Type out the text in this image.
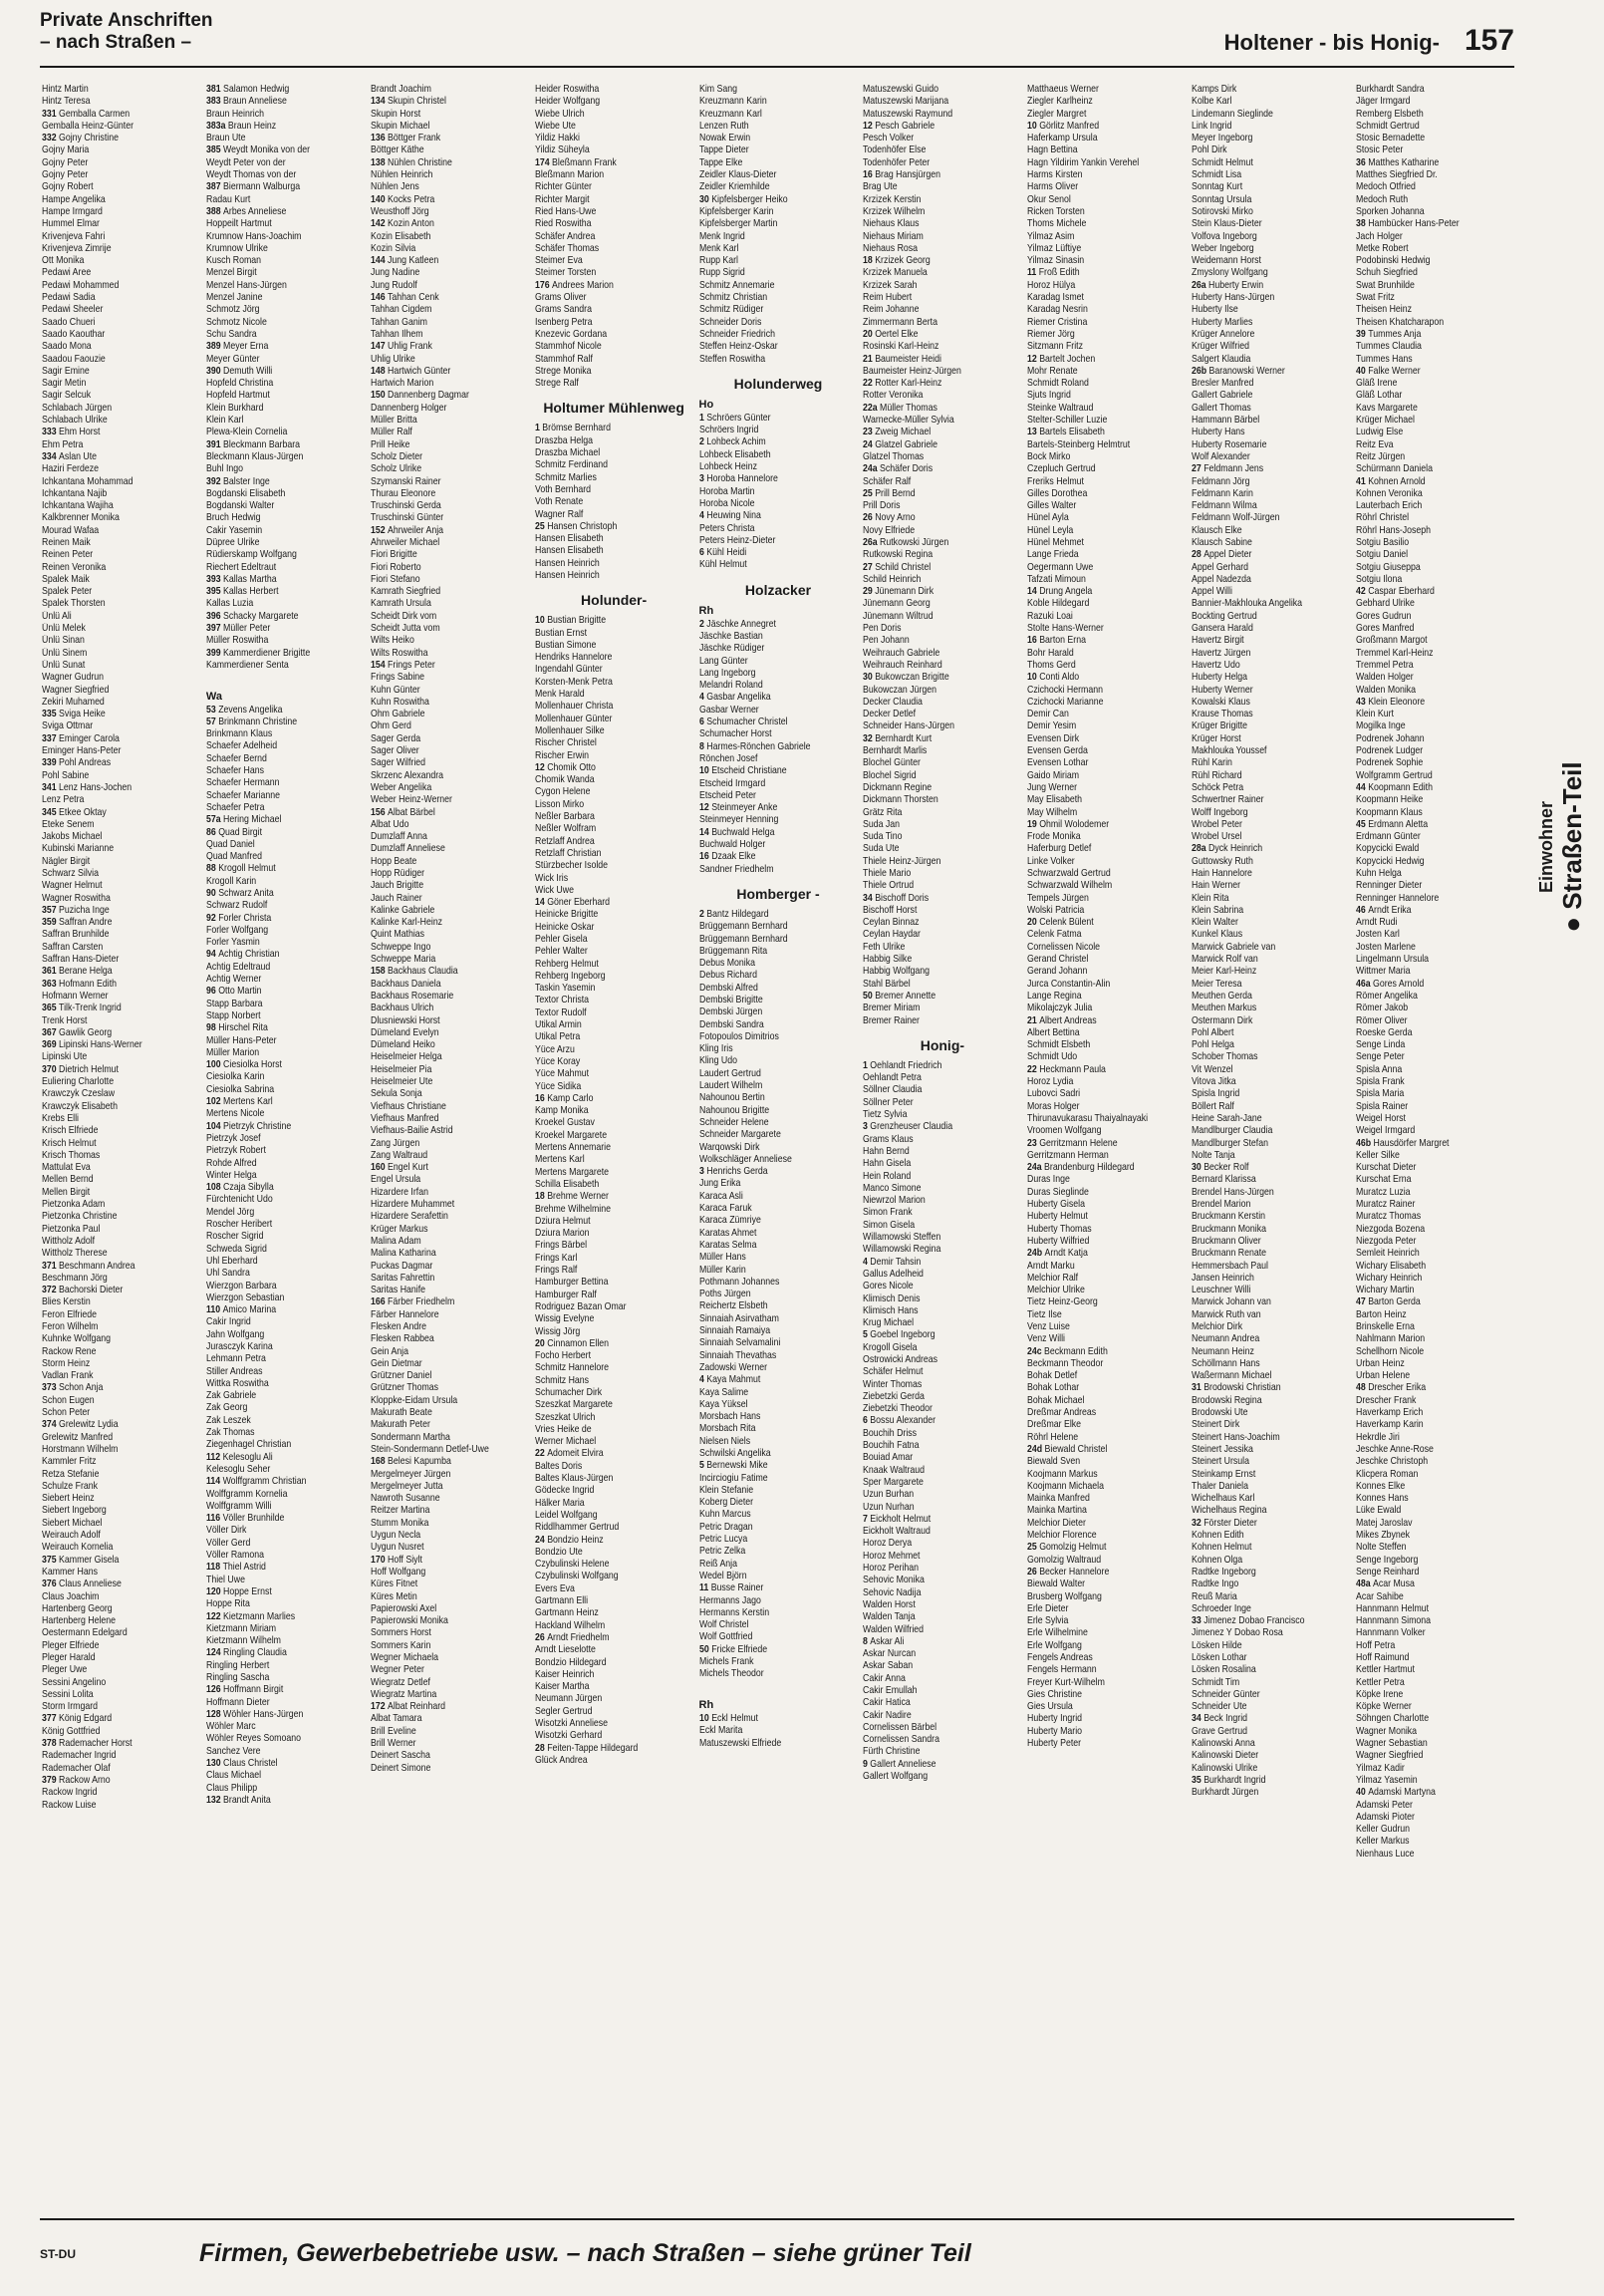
Private Anschriften
– nach Straßen –	Holtener - bis Honig- 157
Hintz Martin
Hintz Teresa
331 Gemballa Carmen
Gemballa Heinz-Günter
332 Gojny Christine
Gojny Maria
Gojny Peter
Gojny Peter
Gojny Robert
Hampe Angelika
Hampe Irmgard
Hummel Elmar
Krivenjeva Fahri
Krivenjeva Zimrije
Ott Monika
Pedawi Aree
Pedawi Mohammed
Pedawi Sadia
Pedawi Sheeler
Saado Chueri
Saado Kaouthar
Saado Mona
Saadou Faouzie
Sagir Emine
Sagir Metin
Sagir Selcuk
Schlabach Jürgen
Schlabach Ulrike
333 Ehm Horst
Ehm Petra
334 Aslan Ute
Haziri Ferdeze
Ichkantana Mohammad
Ichkantana Najib
Ichkantana Wajiha
Kalkbrenner Monika
Mourad Wafaa
Reinen Maik
Reinen Peter
Reinen Veronika
Spalek Maik
Spalek Peter
Spalek Thorsten
Ünlü Ali
Ünlü Melek
Ünlü Sinan
Ünlü Sinem
Ünlü Sunat
Wagner Gudrun
Wagner Siegfried
Zekiri Muhamed
335 Sviga Heike
Sviga Ottmar
337 Eminger Carola
Eminger Hans-Peter
339 Pohl Andreas
Pohl Sabine
341 Lenz Hans-Jochen
Lenz Petra
345 Etkee Oktay
Eteke Senem
Jakobs Michael
Kubinski Marianne
Nägler Birgit
Schwarz Silvia
Wagner Helmut
Wagner Roswitha
357 Puzicha Inge
359 Saffran Andre
Saffran Brunhilde
Saffran Carsten
Saffran Hans-Dieter
361 Berane Helga
363 Hofmann Edith
Hofmann Werner
365 Tilk-Trenk Ingrid
Trenk Horst
367 Gawlik Georg
369 Lipinski Hans-Werner
Lipinski Ute
370 Dietrich Helmut
Euliering Charlotte
Krawczyk Czeslaw
Krawczyk Elisabeth
Krebs Elli
Krisch Elfriede
Krisch Helmut
Krisch Thomas
Mattulat Eva
Mellen Bernd
Mellen Birgit
Pietzonka Adam
Pietzonka Christine
Pietzonka Paul
Wittholz Adolf
Wittholz Therese
371 Beschmann Andrea
Beschmann Jörg
372 Bachorski Dieter
Blies Kerstin
Feron Elfriede
Feron Wilhelm
Kuhnke Wolfgang
Rackow Rene
Storm Heinz
Vadlan Frank
373 Schon Anja
Schon Eugen
Schon Peter
374 Grelewitz Lydia
Grelewitz Manfred
Horstmann Wilhelm
Kammler Fritz
Retza Stefanie
Schulze Frank
Siebert Heinz
Siebert Ingeborg
Siebert Michael
Weirauch Adolf
Weirauch Kornelia
375 Kammer Gisela
Kammer Hans
376 Claus Anneliese
Claus Joachim
Hartenberg Georg
Hartenberg Helene
Oestermann Edelgard
Pleger Elfriede
Pleger Harald
Pleger Uwe
Sessini Angelino
Sessini Lolita
Storm Irmgard
377 König Edgard
König Gottfried
378 Rademacher Horst
Rademacher Ingrid
Rademacher Olaf
379 Rackow Arno
Rackow Ingrid
Rackow Luise
381 Salamon Hedwig
383 Braun Anneliese
Braun Heinrich
383a Braun Heinz
Braun Ute
385 Weydt Monika von der
Weydt Peter von der
Weydt Thomas von der
387 Biermann Walburga
Radau Kurt
388 Arbes Anneliese
Hoppeilt Hartmut
Krumnow Hans-Joachim
Krumnow Ulrike
Kusch Roman
Menzel Birgit
Menzel Hans-Jürgen
Menzel Janine
Schmotz Jörg
Schmotz Nicole
Schu Sandra
389 Meyer Erna
Meyer Günter
390 Demuth Willi
Hopfeld Christina
Hopfeld Hartmut
Klein Burkhard
Klein Karl
Plewa-Klein Cornelia
391 Bleckmann Barbara
Bleckmann Klaus-Jürgen
Buhl Ingo
392 Balster Inge
Bogdanski Elisabeth
Bogdanski Walter
Bruch Hedwig
Cakir Yasemin
Düpree Ulrike
Rüdierskamp Wolfgang
Riechert Edeltraut
393 Kallas Martha
395 Kallas Herbert
Kallas Luzia
396 Schacky Margarete
397 Müller Peter
Müller Roswitha
399 Kammerdiener Brigitte
Kammerdiener Senta

Wa
53 Zevens Angelika
57 Brinkmann Christine
Brinkmann Klaus
Schaefer Adelheid
Schaefer Bernd
Schaefer Hans
Schaefer Hermann
Schaefer Marianne
Schaefer Petra
57a Hering Michael
86 Quad Birgit
Quad Daniel
Quad Manfred
88 Krogoll Helmut
Krogoll Karin
90 Schwarz Anita
Schwarz Rudolf
92 Forler Christa
Forler Wolfgang
Forler Yasmin
94 Achtig Christian
Achtig Edeltraud
Achtig Werner
96 Otto Martin
Stapp Barbara
Stapp Norbert
98 Hirschel Rita
Müller Hans-Peter
Müller Marion
100 Ciesiolka Horst
Ciesiolka Karin
Ciesiolka Sabrina
102 Mertens Karl
Mertens Nicole
104 Pietrzyk Christine
Pietrzyk Josef
Pietrzyk Robert
Rohde Alfred
Winter Helga
108 Czaja Sibylla
Fürchtenicht Udo
Mendel Jörg
Roscher Heribert
Roscher Sigrid
Schweda Sigrid
Uhl Eberhard
Uhl Sandra
Wierzgon Barbara
Wierzgon Sebastian
110 Amico Marina
Cakir Ingrid
Jahn Wolfgang
Jurasczyk Karina
Lehmann Petra
Stiller Andreas
Wittka Roswitha
Zak Gabriele
Zak Georg
Zak Leszek
Zak Thomas
Ziegenhagel Christian
112 Kelesoglu Ali
Kelesoglu Seher
114 Wolffgramm Christian
Wolffgramm Kornelia
Wolffgramm Willi
116 Völler Brunhilde
Völler Dirk
Völler Gerd
Völler Ramona
118 Thiel Astrid
Thiel Uwe
120 Hoppe Ernst
Hoppe Rita
122 Kietzmann Marlies
Kietzmann Miriam
Kietzmann Wilhelm
124 Ringling Claudia
Ringling Herbert
Ringling Sascha
126 Hoffmann Birgit
Hoffmann Dieter
128 Wöhler Hans-Jürgen
Wöhler Marc
Wöhler Reyes Somoano
Sanchez Vere
130 Claus Christel
Claus Michael
Claus Philipp
132 Brandt Anita
Brandt Joachim
134 Skupin Christel
Skupin Horst
Skupin Michael
136 Böttger Frank
Böttger Käthe
138 Nühlen Christine
Nühlen Heinrich
Nühlen Jens
140 Kocks Petra
Weusthoff Jörg
142 Kozin Anton
Kozin Elisabeth
Kozin Silvia
144 Jung Katleen
Jung Nadine
Jung Rudolf
146 Tahhan Cenk
Tahhan Cigdem
Tahhan Ganim
Tahhan Ilhem
147 Uhlig Frank
Uhlig Ulrike
148 Hartwich Günter
Hartwich Marion
150 Dannenberg Dagmar
Dannenberg Holger
Müller Britta
Müller Ralf
Prill Heike
Scholz Dieter
Scholz Ulrike
Szymanski Rainer
Thurau Eleonore
Truschinski Gerda
Truschinski Günter
152 Ahrweiler Anja
Ahrweiler Michael
Fiori Brigitte
Fiori Roberto
Fiori Stefano
Kamrath Siegfried
Kamrath Ursula
Scheidt Dirk vom
Scheidt Jutta vom
Wilts Heiko
Wilts Roswitha
154 Frings Peter
Frings Sabine
Kuhn Günter
Kuhn Roswitha
Ohm Gabriele
Ohm Gerd
Sager Gerda
Sager Oliver
Sager Wilfried
Skrzenc Alexandra
Weber Angelika
Weber Heinz-Werner
156 Albat Bärbel
Albat Udo
Dumzlaff Anna
Dumzlaff Anneliese
Hopp Beate
Hopp Rüdiger
Jauch Brigitte
Jauch Rainer
Kalinke Gabriele
Kalinke Karl-Heinz
Quint Mathias
Schweppe Ingo
Schweppe Maria
158 Backhaus Claudia
Backhaus Daniela
Backhaus Rosemarie
Backhaus Ulrich
Dlusniewski Horst
Dümeland Evelyn
Dümeland Heiko
Heiselmeier Helga
Heiselmeier Pia
Heiselmeier Ute
Sekula Sonja
Viefhaus Christiane
Viefhaus Manfred
Viefhaus-Bailie Astrid
Zang Jürgen
Zang Waltraud
160 Engel Kurt
Engel Ursula
Hizardere Irfan
Hizardere Muhammet
Hizardere Serafettin
Krüger Markus
Malina Adam
Malina Katharina
Puckas Dagmar
Saritas Fahrettin
Saritas Hanife
166 Färber Friedhelm
Färber Hannelore
Flesken Andre
Flesken Rabbea
Gein Anja
Gein Dietmar
Grützner Daniel
Grützner Thomas
Kloppke-Eidam Ursula
Makurath Beate
Makurath Peter
Sondermann Martha
Stein-Sondermann Detlef-Uwe
168 Belesi Kapumba
Mergelmeyer Jürgen
Mergelmeyer Jutta
Nawroth Susanne
Reitzer Martina
Stumm Monika
Uygun Necla
Uygun Nusret
170 Hoff Siylt
Hoff Wolfgang
Küres Fitnet
Küres Metin
Papierowski Axel
Papierowski Monika
Sommers Horst
Sommers Karin
Wegner Michaela
Wegner Peter
Wiegratz Detlef
Wiegratz Martina
172 Albat Reinhard
Albat Tamara
Brill Eveline
Brill Werner
Deinert Sascha
Deinert Simone
Heider Roswitha
Heider Wolfgang
Wiebe Ulrich
Wiebe Ute
Yildiz Hakki
Yildiz Süheyla
174 Bleßmann Frank
Bleßmann Marion
Richter Günter
Richter Margit
Ried Hans-Uwe
Ried Roswitha
Schäfer Andrea
Schäfer Thomas
Steimer Eva
Steimer Torsten
176 Andrees Marion
Grams Oliver
Grams Sandra
Isenberg Petra
Knezevic Gordana
Stammhof Nicole
Stammhof Ralf
Strege Monika
Strege Ralf
Holtumer Mühlenweg
1 Brömse Bernhard
Draszba Helga
Draszba Michael
Schmitz Ferdinand
Schmitz Marlies
Voth Bernhard
Voth Renate
Wagner Ralf
25 Hansen Christoph
Hansen Elisabeth
Hansen Elisabeth
Hansen Heinrich
Hansen Heinrich
Holunder-
10 Bustian Brigitte
Bustian Ernst
Bustian Simone
Hendriks Hannelore
Ingendahl Günter
Korsten-Menk Petra
Menk Harald
Mollenhauer Christa
Mollenhauer Günter
Mollenhauer Silke
Rischer Christel
Rischer Erwin
12 Chomik Otto
Chomik Wanda
Cygon Helene
Lisson Mirko
Neßler Barbara
Neßler Wolfram
Retzlaff Andrea
Retzlaff Christian
Stürzbecher Isolde
Wick Iris
Wick Uwe
14 Göner Eberhard
Heinicke Brigitte
Heinicke Oskar
Pehler Gisela
Pehler Walter
Rehberg Helmut
Rehberg Ingeborg
Taskin Yasemin
Textor Christa
Textor Rudolf
Utikal Armin
Utikal Petra
Yüce Arzu
Yüce Koray
Yüce Mahmut
Yüce Sidika
16 Kamp Carlo
Kamp Monika
Kroekel Gustav
Kroekel Margarete
Mertens Annemarie
Mertens Karl
Mertens Margarete
Schilla Elisabeth
18 Brehme Werner
Brehme Wilhelmine
Dziura Helmut
Dziura Marion
Frings Bärbel
Frings Karl
Frings Ralf
Hamburger Bettina
Hamburger Ralf
Rodriguez Bazan Omar
Wissig Evelyne
Wissig Jörg
20 Cinnamon Ellen
Focho Herbert
Schmitz Hannelore
Schmitz Hans
Schumacher Dirk
Szeszkat Margarete
Szeszkat Ulrich
Vries Heike de
Werner Michael
22 Adomeit Elvira
Baltes Doris
Baltes Klaus-Jürgen
Gödecke Ingrid
Hälker Maria
Leidel Wolfgang
Riddlhammer Gertrud
24 Bondzio Heinz
Bondzio Ute
Czybulinski Helene
Czybulinski Wolfgang
Evers Eva
Gartmann Elli
Gartmann Heinz
Hackland Wilhelm
26 Arndt Friedhelm
Arndt Lieselotte
Bondzio Hildegard
Kaiser Heinrich
Kaiser Martha
Neumann Jürgen
Segler Gertrud
Wisotzki Anneliese
Wisotzki Gerhard
28 Feiten-Tappe Hildegard
Glück Andrea
Kim Sang
Kreuzmann Karin
Kreuzmann Karl
Lenzen Ruth
Nowak Erwin
Tappe Dieter
Tappe Elke
Zeidler Klaus-Dieter
Zeidler Kriemhilde
30 Kipfelsberger Heiko
Kipfelsberger Karin
Kipfelsberger Martin
Menk Ingrid
Menk Karl
Rupp Karl
Rupp Sigrid
Schmitz Annemarie
Schmitz Christian
Schmitz Rüdiger
Schneider Doris
Schneider Friedrich
Steffen Heinz-Oskar
Steffen Roswitha
Holunderweg
Ho
1 Schröers Günter
Schröers Ingrid
2 Lohbeck Achim
Lohbeck Elisabeth
Lohbeck Heinz
3 Horoba Hannelore
Horoba Martin
Horoba Nicole
4 Heuwing Nina
Peters Christa
Peters Heinz-Dieter
6 Kühl Heidi
Kühl Helmut
Holzacker
Rh
2 Jäschke Annegret
Jäschke Bastian
Jäschke Rüdiger
Lang Günter
Lang Ingeborg
Melandri Roland
4 Gasbar Angelika
Gasbar Werner
6 Schumacher Christel
Schumacher Horst
8 Harmes-Rönchen Gabriele
Rönchen Josef
10 Etscheid Christiane
Etscheid Irmgard
Etscheid Peter
12 Steinmeyer Anke
Steinmeyer Henning
14 Buchwald Helga
Buchwald Holger
16 Dzaak Elke
Sandner Friedhelm
Homberger -
2 Bantz Hildegard
Brüggemann Bernhard
Brüggemann Bernhard
Brüggemann Rita
Debus Monika
Debus Richard
Dembski Alfred
Dembski Brigitte
Dembski Jürgen
Dembski Sandra
Fotopoulos Dimitrios
Kling Iris
Kling Udo
Laudert Gertrud
Laudert Wilhelm
Nahounou Bertin
Nahounou Brigitte
Schneider Helene
Schneider Margarete
Warqowski Dirk
Wolkschläger Anneliese
3 Henrichs Gerda
Jung Erika
Karaca Asli
Karaca Faruk
Karaca Zümriye
Karatas Ahmet
Karatas Selma
Müller Hans
Müller Karin
Pothmann Johannes
Poths Jürgen
Reichertz Elsbeth
Sinnaiah Asirvatham
Sinnaiah Ramaiya
Sinnaiah Selvamalini
Sinnaiah Thevathas
Zadowski Werner
4 Kaya Mahmut
Kaya Salime
Kaya Yüksel
Morsbach Hans
Morsbach Rita
Nielsen Niels
Schwilski Angelika
5 Bernewski Mike
Incirciogiu Fatime
Klein Stefanie
Koberg Dieter
Kuhn Marcus
Petric Dragan
Petric Lucya
Petric Zelka
Reiß Anja
Wedel Björn
11 Busse Rainer
Hermanns Jago
Hermanns Kerstin
Wolf Christel
Wolf Gottfried
50 Fricke Elfriede
Michels Frank
Michels Theodor

Rh
10 Eckl Helmut
Eckl Marita
Matuszewski Elfriede
Matuszewski Guido
Matuszewski Marijana
Matuszewski Raymund
12 Pesch Gabriele
Pesch Volker
Todenhöfer Else
Todenhöfer Peter
16 Brag Hansjürgen
Brag Ute
Krzizek Kerstin
Krzizek Wilhelm
Niehaus Klaus
Niehaus Miriam
Niehaus Rosa
18 Krzizek Georg
Krzizek Manuela
Krzizek Sarah
Reim Hubert
Reim Johanne
Zimmermann Berta
20 Oertel Elke
Rosinski Karl-Heinz
21 Baumeister Heidi
Baumeister Heinz-Jürgen
22 Rotter Karl-Heinz
Rotter Veronika
22a Müller Thomas
Warnecke-Müller Sylvia
23 Zweig Michael
24 Glatzel Gabriele
Glatzel Thomas
24a Schäfer Doris
Schäfer Ralf
25 Prill Bernd
Prill Doris
26 Novy Arno
Novy Elfriede
26a Rutkowski Jürgen
Rutkowski Regina
27 Schild Christel
Schild Heinrich
29 Jünemann Dirk
Jünemann Georg
Jünemann Wiltrud
Pen Doris
Pen Johann
Weihrauch Gabriele
Weihrauch Reinhard
30 Bukowczan Brigitte
Bukowczan Jürgen
Decker Claudia
Decker Detlef
Schneider Hans-Jürgen
32 Bernhardt Kurt
Bernhardt Marlis
Blochel Günter
Blochel Sigrid
Dickmann Regine
Dickmann Thorsten
Grätz Rita
Suda Jan
Suda Tino
Suda Ute
Thiele Heinz-Jürgen
Thiele Mario
Thiele Ortrud
34 Bischoff Doris
Bischoff Horst
Ceylan Binnaz
Ceylan Haydar
Feth Ulrike
Habbig Silke
Habbig Wolfgang
Stahl Bärbel
50 Bremer Annette
Bremer Miriam
Bremer Rainer
Honig-
1 Oehlandt Friedrich
Oehlandt Petra
Söllner Claudia
Söllner Peter
Tietz Sylvia
3 Grenzheuser Claudia
Grams Klaus
Hahn Bernd
Hahn Gisela
Hein Roland
Manco Simone
Niewrzol Marion
Simon Frank
Simon Gisela
Willamowski Steffen
Willamowski Regina
4 Demir Tahsin
Gallus Adelheid
Gores Nicole
Klimisch Denis
Klimisch Hans
Krug Michael
5 Goebel Ingeborg
Krogoll Gisela
Ostrowicki Andreas
Schäfer Helmut
Winter Thomas
Ziebetzki Gerda
Ziebetzki Theodor
6 Bossu Alexander
Bouchih Driss
Bouchih Fatna
Bouiad Amar
Knaak Waltraud
Sper Margarete
Uzun Burhan
Uzun Nurhan
7 Eickholt Helmut
Eickholt Waltraud
Horoz Derya
Horoz Mehmet
Horoz Perihan
Sehovic Monika
Sehovic Nadija
Walden Horst
Walden Tanja
Walden Wilfried
8 Askar Ali
Askar Nurcan
Askar Saban
Cakir Anna
Cakir Emullah
Cakir Hatica
Cakir Nadire
Cornelissen Bärbel
Cornelissen Sandra
Fürth Christine
9 Gallert Anneliese
Gallert Wolfgang
Matthaeus Werner
Ziegler Karlheinz
Ziegler Margret
10 Görlitz Manfred
Haferkamp Ursula
Hagn Bettina
Hagn Yildirim Yankin Verehel
Harms Kirsten
Harms Oliver
Okur Senol
Ricken Torsten
Thoms Michele
Yilmaz Asim
Yilmaz Lüftiye
Yilmaz Sinasin
11 Froß Edith
Horoz Hülya
Karadag Ismet
Karadag Nesrin
Riemer Cristina
Riemer Jörg
Sitzmann Fritz
12 Bartelt Jochen
Mohr Renate
Schmidt Roland
Sjuts Ingrid
Steinke Waltraud
Stelter-Schiller Luzie
13 Bartels Elisabeth
Bartels-Steinberg Helmtrut
Bock Mirko
Czepluch Gertrud
Freriks Helmut
Gilles Dorothea
Gilles Walter
Hünel Ayla
Hünel Leyla
Hünel Mehmet
Lange Frieda
Oegermann Uwe
Tafzati Mimoun
14 Drung Angela
Koble Hildegard
Razuki Loai
Stolte Hans-Werner
16 Barton Erna
Bohr Harald
Thoms Gerd
10 Conti Aldo
Czichocki Hermann
Czichocki Marianne
Demir Can
Demir Yesim
Evensen Dirk
Evensen Gerda
Evensen Lothar
Gaido Miriam
Jung Werner
May Elisabeth
May Wilhelm
19 Ohmil Wolodemer
Frode Monika
Haferburg Detlef
Linke Volker
Schwarzwald Gertrud
Schwarzwald Wilhelm
Tempels Jürgen
Wolski Patricia
20 Celenk Bülent
Celenk Fatma
Cornelissen Nicole
Gerand Christel
Gerand Johann
Jurca Constantin-Alin
Lange Regina
Mikolajczyk Julia
21 Albert Andreas
Albert Bettina
Schmidt Elsbeth
Schmidt Udo
22 Heckmann Paula
Horoz Lydia
Lubovci Sadri
Moras Holger
Thirunavukarasu Thaiyalnayaki
Vroomen Wolfgang
23 Gerritzmann Helene
Gerritzmann Herman
24a Brandenburg Hildegard
Duras Inge
Duras Sieglinde
Huberty Gisela
Huberty Helmut
Huberty Thomas
Huberty Wilfried
24b Arndt Katja
Arndt Marku
Melchior Ralf
Melchior Ulrike
Tietz Heinz-Georg
Tietz Ilse
Venz Luise
Venz Willi
24c Beckmann Edith
Beckmann Theodor
Bohak Detlef
Bohak Lothar
Bohak Michael
Dreßmar Andreas
Dreßmar Elke
Röhrl Helene
24d Biewald Christel
Biewald Sven
Koojmann Markus
Koojmann Michaela
Mainka Manfred
Mainka Martina
Melchior Dieter
Melchior Florence
25 Gomolzig Helmut
Gomolzig Waltraud
26 Becker Hannelore
Biewald Walter
Brusberg Wolfgang
Erle Dieter
Erle Sylvia
Erle Wilhelmine
Erle Wolfgang
Fengels Andreas
Fengels Hermann
Freyer Kurt-Wilhelm
Gies Christine
Gies Ursula
Huberty Ingrid
Huberty Mario
Huberty Peter
Kamps Dirk
Kolbe Karl
Lindemann Sieglinde
Link Ingrid
Meyer Ingeborg
Pohl Dirk
Schmidt Helmut
Schmidt Lisa
Sonntag Kurt
Sonntag Ursula
Sotirovski Mirko
Stein Klaus-Dieter
Volfova Ingeborg
Weber Ingeborg
Weidemann Horst
Zmyslony Wolfgang
26a Huberty Erwin
Huberty Hans-Jürgen
Huberty Ilse
Huberty Marlies
Krüger Annelore
Krüger Wilfried
Salgert Klaudia
26b Baranowski Werner
Bresler Manfred
Gallert Gabriele
Gallert Thomas
Hammann Bärbel
Huberty Hans
Huberty Rosemarie
Wolf Alexander
27 Feldmann Jens
Feldmann Jörg
Feldmann Karin
Feldmann Wilma
Feldmann Wolf-Jürgen
Klausch Elke
Klausch Sabine
28 Appel Dieter
Appel Gerhard
Appel Nadezda
Appel Willi
Bannier-Makhlouka Angelika
Bockting Gertrud
Gansera Harald
Havertz Birgit
Havertz Jürgen
Havertz Udo
Huberty Helga
Huberty Werner
Kowalski Klaus
Krause Thomas
Krüger Brigitte
Krüger Horst
Makhlouka Youssef
Rühl Karin
Rühl Richard
Schöck Petra
Schwertner Rainer
Wolff Ingeborg
Wrobel Peter
Wrobel Ursel
28a Dyck Heinrich
Guttowsky Ruth
Hain Hannelore
Hain Werner
Klein Rita
Klein Sabrina
Klein Walter
Kunkel Klaus
Marwick Gabriele van
Marwick Rolf van
Meier Karl-Heinz
Meier Teresa
Meuthen Gerda
Meuthen Markus
Ostermann Dirk
Pohl Albert
Pohl Helga
Schober Thomas
Vit Wenzel
Vitova Jitka
Spisla Ingrid
Böllert Ralf
Heine Sarah-Jane
Mandlburger Claudia
Mandlburger Stefan
Nolte Tanja
30 Becker Rolf
Bernard Klarissa
Brendel Hans-Jürgen
Brendel Marion
Bruckmann Kerstin
Bruckmann Monika
Bruckmann Oliver
Bruckmann Renate
Hemmersbach Paul
Jansen Heinrich
Leuschner Willi
Marwick Johann van
Marwick Ruth van
Melchior Dirk
Neumann Andrea
Neumann Heinz
Schöllmann Hans
Waßermann Michael
31 Brodowski Christian
Brodowski Regina
Brodowski Ute
Steinert Dirk
Steinert Hans-Joachim
Steinert Jessika
Steinert Ursula
Steinkamp Ernst
Thaler Daniela
Wichelhaus Karl
Wichelhaus Regina
32 Förster Dieter
Kohnen Edith
Kohnen Helmut
Kohnen Olga
Radtke Ingeborg
Radtke Ingo
Reuß Maria
Schroeder Inge
33 Jimenez Dobao Francisco
Jimenez Y Dobao Rosa
Lösken Hilde
Lösken Lothar
Lösken Rosalina
Schmidt Tim
Schneider Günter
Schneider Ute
34 Beck Ingrid
Grave Gertrud
Kalinowski Anna
Kalinowski Dieter
Kalinowski Ulrike
35 Burkhardt Ingrid
Burkhardt Jürgen
Burkhardt Sandra
Jäger Irmgard
Remberg Elsbeth
Schmidt Gertrud
Stosic Bernadette
Stosic Peter
36 Matthes Katharine
Matthes Siegfried Dr.
Medoch Otfried
Medoch Ruth
Sporken Johanna
38 Hambücker Hans-Peter
Jach Holger
Metke Robert
Podobinski Hedwig
Schuh Siegfried
Swat Brunhilde
Swat Fritz
Theisen Heinz
Theisen Khatcharapon
39 Tummes Anja
Tummes Claudia
Tummes Hans
40 Falke Werner
Gläß Irene
Gläß Lothar
Kavs Margarete
Krüger Michael
Ludwig Else
Reitz Eva
Reitz Jürgen
Schürmann Daniela
41 Kohnen Arnold
Kohnen Veronika
Lauterbach Erich
Röhrl Christel
Röhrl Hans-Joseph
Sotgiu Basilio
Sotgiu Daniel
Sotgiu Giuseppa
Sotgiu Ilona
42 Caspar Eberhard
Gebhard Ulrike
Gores Gudrun
Gores Manfred
Großmann Margot
Tremmel Karl-Heinz
Tremmel Petra
Walden Holger
Walden Monika
43 Klein Eleonore
Klein Kurt
Mogilka Inge
Podrenek Johann
Podrenek Ludger
Podrenek Sophie
Wolfgramm Gertrud
44 Koopmann Edith
Koopmann Heike
Koopmann Klaus
45 Erdmann Aletta
Erdmann Günter
Kopycicki Ewald
Kopycicki Hedwig
Kuhn Helga
Renninger Dieter
Renninger Hannelore
46 Arndt Erika
Arndt Rudi
Josten Karl
Josten Marlene
Lingelmann Ursula
Wittmer Maria
46a Gores Arnold
Römer Angelika
Römer Jakob
Römer Oliver
Roeske Gerda
Senge Linda
Senge Peter
Spisla Anna
Spisla Frank
Spisla Maria
Spisla Rainer
Weigel Horst
Weigel Irmgard
46b Hausdörfer Margret
Keller Silke
Kurschat Dieter
Kurschat Erna
Muratcz Luzia
Muratcz Rainer
Muratcz Thomas
Niezgoda Bozena
Niezgoda Peter
Semleit Heinrich
Wichary Elisabeth
Wichary Heinrich
Wichary Martin
47 Barton Gerda
Barton Heinz
Brinskelle Erna
Nahlmann Marion
Schellhorn Nicole
Urban Heinz
Urban Helene
48 Drescher Erika
Drescher Frank
Haverkamp Erich
Haverkamp Karin
Hekrdle Jiri
Jeschke Anne-Rose
Jeschke Christoph
Klicpera Roman
Konnes Elke
Konnes Hans
Lüke Ewald
Matej Jaroslav
Mikes Zbynek
Nolte Steffen
Senge Ingeborg
Senge Reinhard
48a Acar Musa
Acar Sahibe
Hannmann Helmut
Hannmann Simona
Hannmann Volker
Hoff Petra
Hoff Raimund
Kettler Hartmut
Kettler Petra
Köpke Irene
Köpke Werner
Söhngen Charlotte
Wagner Monika
Wagner Sebastian
Wagner Siegfried
Yilmaz Kadir
Yilmaz Yasemin
40 Adamski Martyna
Adamski Peter
Adamski Pioter
Keller Gudrun
Keller Markus
Nienhaus Luce
Einwohner ● Straßen-Teil
ST-DU	Firmen, Gewerbebetriebe usw. – nach Straßen – siehe grüner Teil
